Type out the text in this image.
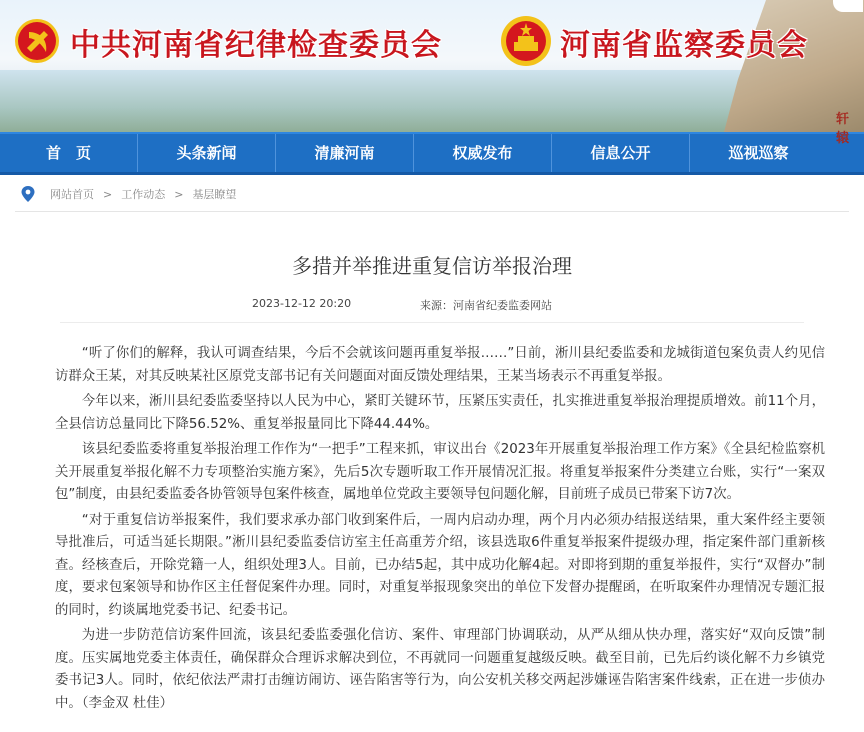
中共河南省纪律检查委员会	河南省监察委员会
轩 辕
首　页	头条新闻	清廉河南	权威发布	信息公开	巡视巡察
网站首页 > 工作动态 > 基层瞭望
多措并举推进重复信访举报治理
2023-12-12 20:20	来源：河南省纪委监委网站

“听了你们的解释，我认可调查结果，今后不会就该问题再重复举报……”日前，淅川县纪委监委和龙城街道包案负责人约见信访群众王某，对其反映某社区原党支部书记有关问题面对面反馈处理结果，王某当场表示不再重复举报。

今年以来，淅川县纪委监委坚持以人民为中心，紧盯关键环节，压紧压实责任，扎实推进重复举报治理提质增效。前11个月，全县信访总量同比下降56.52%、重复举报量同比下降44.44%。

该县纪委监委将重复举报治理工作作为“一把手”工程来抓，审议出台《2023年开展重复举报治理工作方案》《全县纪检监察机关开展重复举报化解不力专项整治实施方案》，先后5次专题听取工作开展情况汇报。将重复举报案件分类建立台账，实行“一案双包”制度，由县纪委监委各协管领导包案件核查，属地单位党政主要领导包问题化解，目前班子成员已带案下访7次。

“对于重复信访举报案件，我们要求承办部门收到案件后，一周内启动办理，两个月内必须办结报送结果，重大案件经主要领导批准后，可适当延长期限。”淅川县纪委监委信访室主任高重芳介绍，该县选取6件重复举报案件提级办理，指定案件部门重新核查。经核查后，开除党籍一人，组织处理3人。目前，已办结5起，其中成功化解4起。对即将到期的重复举报件，实行“双督办”制度，要求包案领导和协作区主任督促案件办理。同时，对重复举报现象突出的单位下发督办提醒函，在听取案件办理情况专题汇报的同时，约谈属地党委书记、纪委书记。

为进一步防范信访案件回流，该县纪委监委强化信访、案件、审理部门协调联动，从严从细从快办理，落实好“双向反馈”制度。压实属地党委主体责任，确保群众合理诉求解决到位，不再就同一问题重复越级反映。截至目前，已先后约谈化解不力乡镇党委书记3人。同时，依纪依法严肃打击缠访闹访、诬告陷害等行为，向公安机关移交两起涉嫌诬告陷害案件线索，正在进一步侦办中。（李金双 杜佳）
